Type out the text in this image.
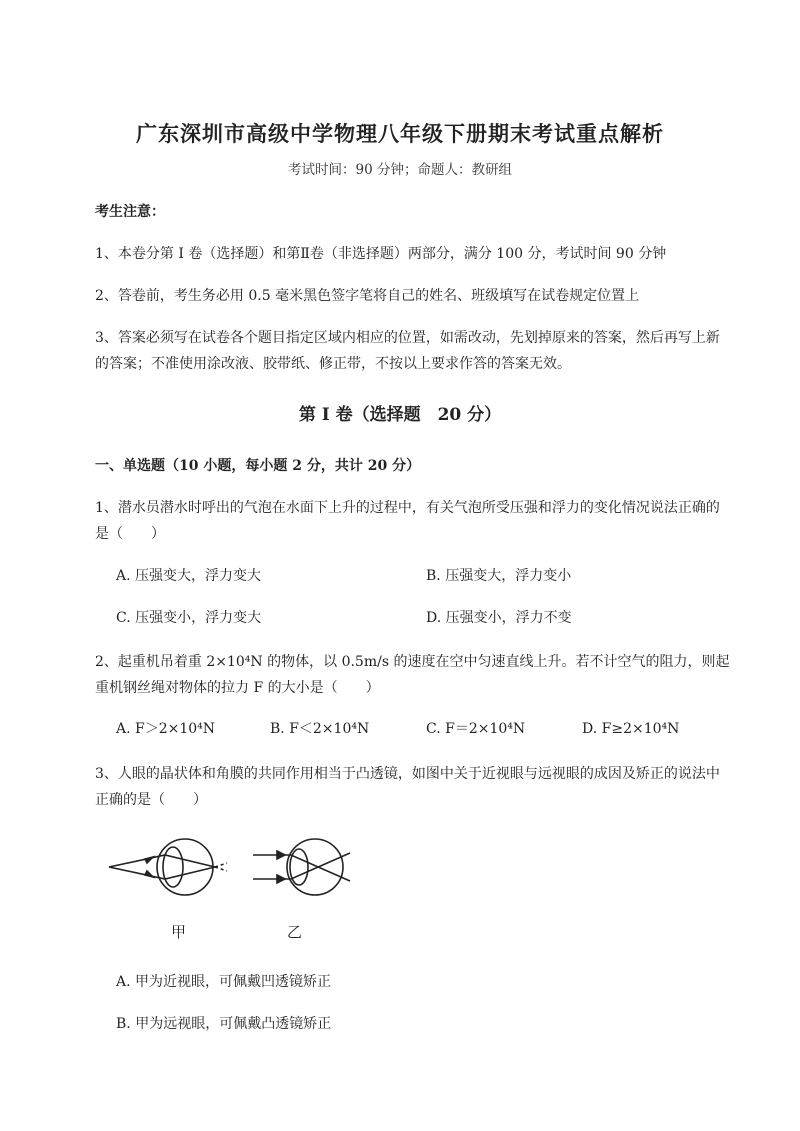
广东深圳市高级中学物理八年级下册期末考试重点解析
考试时间：90 分钟；命题人：教研组
考生注意：
1、本卷分第 I 卷（选择题）和第Ⅱ卷（非选择题）两部分，满分 100 分，考试时间 90 分钟
2、答卷前，考生务必用 0.5 毫米黑色签字笔将自己的姓名、班级填写在试卷规定位置上
3、答案必须写在试卷各个题目指定区域内相应的位置，如需改动，先划掉原来的答案，然后再写上新
的答案；不准使用涂改液、胶带纸、修正带，不按以上要求作答的答案无效。
第 I 卷（选择题　20 分）
一、单选题（10 小题，每小题 2 分，共计 20 分）
1、潜水员潜水时呼出的气泡在水面下上升的过程中，有关气泡所受压强和浮力的变化情况说法正确的
是（　　）
A. 压强变大，浮力变大	B. 压强变大，浮力变小
C. 压强变小，浮力变大	D. 压强变小，浮力不变
2、起重机吊着重 2×10⁴N 的物体，以 0.5m/s 的速度在空中匀速直线上升。若不计空气的阻力，则起
重机钢丝绳对物体的拉力 F 的大小是（　　）
A. F＞2×10⁴N	B. F＜2×10⁴N	C. F＝2×10⁴N	D. F≥2×10⁴N
3、人眼的晶状体和角膜的共同作用相当于凸透镜，如图中关于近视眼与远视眼的成因及矫正的说法中
正确的是（　　）
甲	乙
A. 甲为近视眼，可佩戴凹透镜矫正
B. 甲为远视眼，可佩戴凸透镜矫正
